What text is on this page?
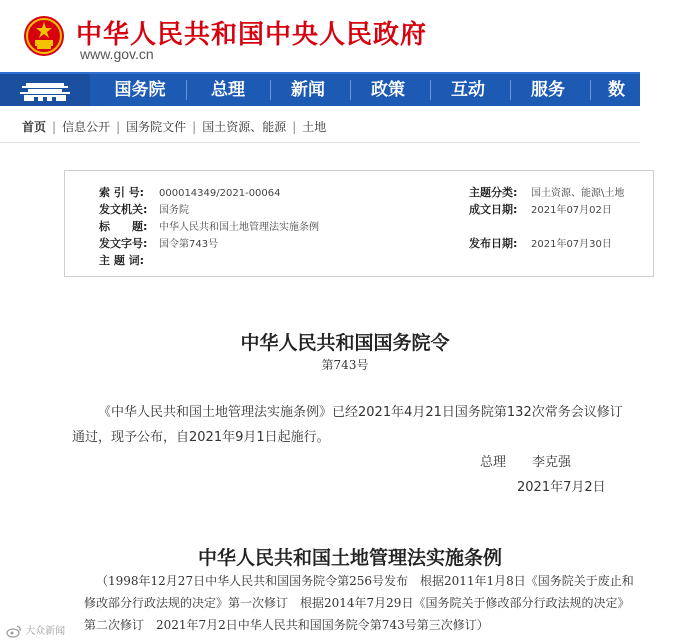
中华人民共和国中央人民政府
www.gov.cn
国务院	总理	新闻	政策	互动	服务	数据
首页 | 信息公开 | 国务院文件 | 国土资源、能源 | 土地
索 引 号: 000014349/2021-00064
发文机关: 国务院
标　　题: 中华人民共和国土地管理法实施条例
发文字号: 国令第743号
主 题 词:
主题分类: 国土资源、能源\土地
成文日期: 2021年07月02日
发布日期: 2021年07月30日
中华人民共和国国务院令
第743号
《中华人民共和国土地管理法实施条例》已经2021年4月21日国务院第132次常务会议修订通过，现予公布，自2021年9月1日起施行。
总理 李克强
2021年7月2日
中华人民共和国土地管理法实施条例
（1998年12月27日中华人民共和国国务院令第256号发布　根据2011年1月8日《国务院关于废止和修改部分行政法规的决定》第一次修订　根据2014年7月29日《国务院关于修改部分行政法规的决定》第二次修订　2021年7月2日中华人民共和国国务院令第743号第三次修订）
大众新闻
